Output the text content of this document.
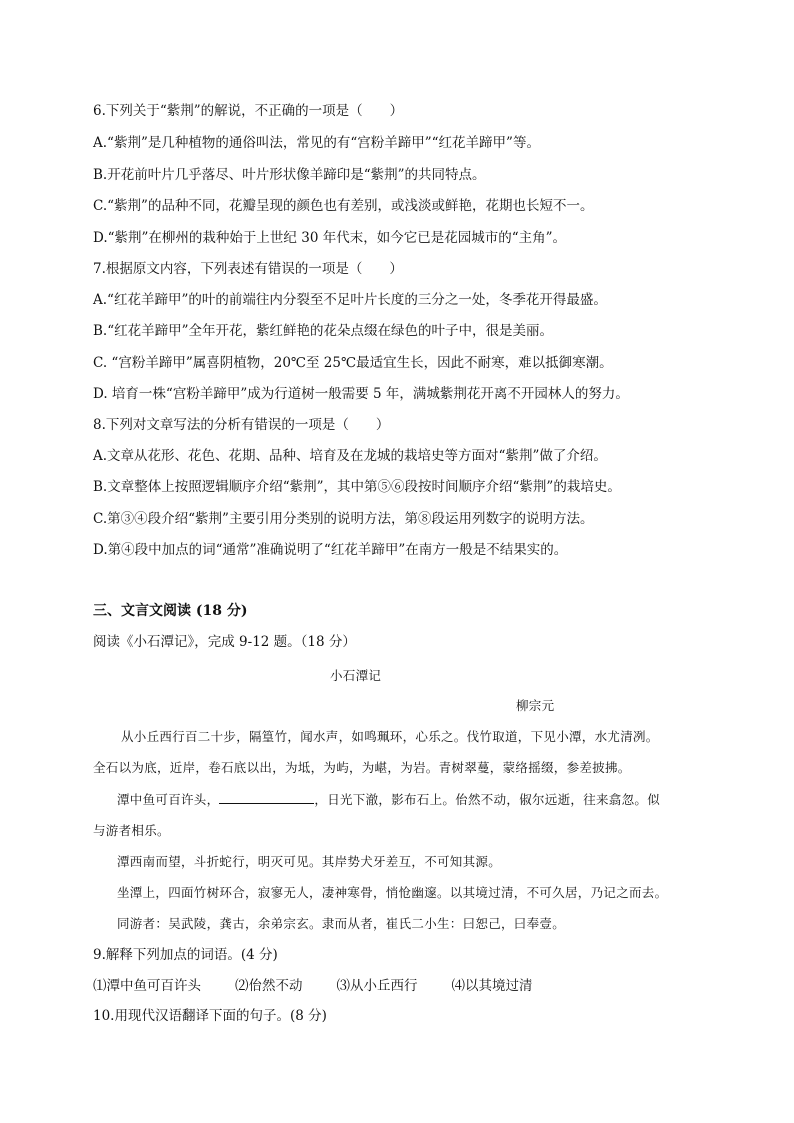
6.下列关于“紫荆”的解说，不正确的一项是（　　）
A.“紫荆”是几种植物的通俗叫法，常见的有“宫粉羊蹄甲”“红花羊蹄甲”等。
B.开花前叶片几乎落尽、叶片形状像羊蹄印是“紫荆”的共同特点。
C.“紫荆”的品种不同，花瓣呈现的颜色也有差别，或浅淡或鲜艳，花期也长短不一。
D.“紫荆”在柳州的栽种始于上世纪 30 年代末，如今它已是花园城市的“主角”。
7.根据原文内容，下列表述有错误的一项是（　　）
A.“红花羊蹄甲”的叶的前端往内分裂至不足叶片长度的三分之一处，冬季花开得最盛。
B.“红花羊蹄甲”全年开花，紫红鲜艳的花朵点缀在绿色的叶子中，很是美丽。
C. “宫粉羊蹄甲”属喜阴植物，20℃至 25℃最适宜生长，因此不耐寒，难以抵御寒潮。
D. 培育一株“宫粉羊蹄甲”成为行道树一般需要 5 年，满城紫荆花开离不开园林人的努力。
8.下列对文章写法的分析有错误的一项是（　　）
A.文章从花形、花色、花期、品种、培育及在龙城的栽培史等方面对“紫荆”做了介绍。
B.文章整体上按照逻辑顺序介绍“紫荆”，其中第⑤⑥段按时间顺序介绍“紫荆”的栽培史。
C.第③④段介绍“紫荆”主要引用分类别的说明方法，第⑧段运用列数字的说明方法。
D.第④段中加点的词“通常”准确说明了“红花羊蹄甲”在南方一般是不结果实的。
三、文言文阅读 (18 分)
阅读《小石潭记》，完成 9-12 题。（18 分）
小石潭记
柳宗元
从小丘西行百二十步，隔篁竹，闻水声，如鸣珮环，心乐之。伐竹取道，下见小潭，水尤清冽。
全石以为底，近岸，卷石底以出，为坻，为屿，为嵁，为岩。青树翠蔓，蒙络摇缀，参差披拂。
潭中鱼可百许头，	，日光下澈，影布石上。佁然不动，俶尔远逝，往来翕忽。似
与游者相乐。
潭西南而望，斗折蛇行，明灭可见。其岸势犬牙差互，不可知其源。
坐潭上，四面竹树环合，寂寥无人，凄神寒骨，悄怆幽邃。以其境过清，不可久居，乃记之而去。
同游者：吴武陵，龚古，余弟宗玄。隶而从者，崔氏二小生：曰恕己，曰奉壹。
9.解释下列加点的词语。(4 分)
⑴潭中鱼可百许头	⑵佁然不动	⑶从小丘西行	⑷以其境过清
10.用现代汉语翻译下面的句子。(8 分)
